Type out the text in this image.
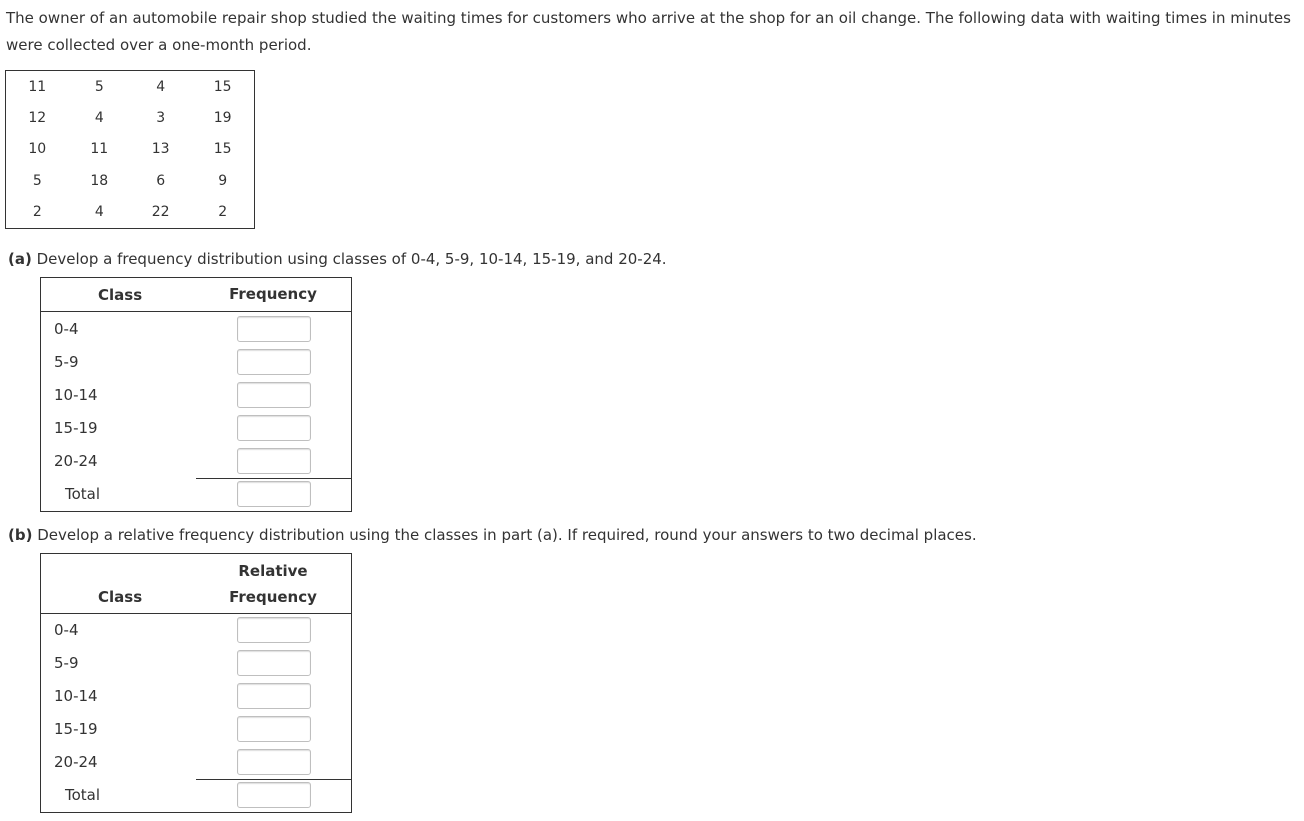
The owner of an automobile repair shop studied the waiting times for customers who arrive at the shop for an oil change. The following data with waiting times in minutes were collected over a one-month period.

11	5	4	15
12	4	3	19
10	11	13	15
5	18	6	9
2	4	22	2

(a) Develop a frequency distribution using classes of 0-4, 5-9, 10-14, 15-19, and 20-24.

Class	Frequency
0-4
5-9
10-14
15-19
20-24
Total

(b) Develop a relative frequency distribution using the classes in part (a). If required, round your answers to two decimal places.

Class
Relative
Frequency
0-4
5-9
10-14
15-19
20-24
Total
